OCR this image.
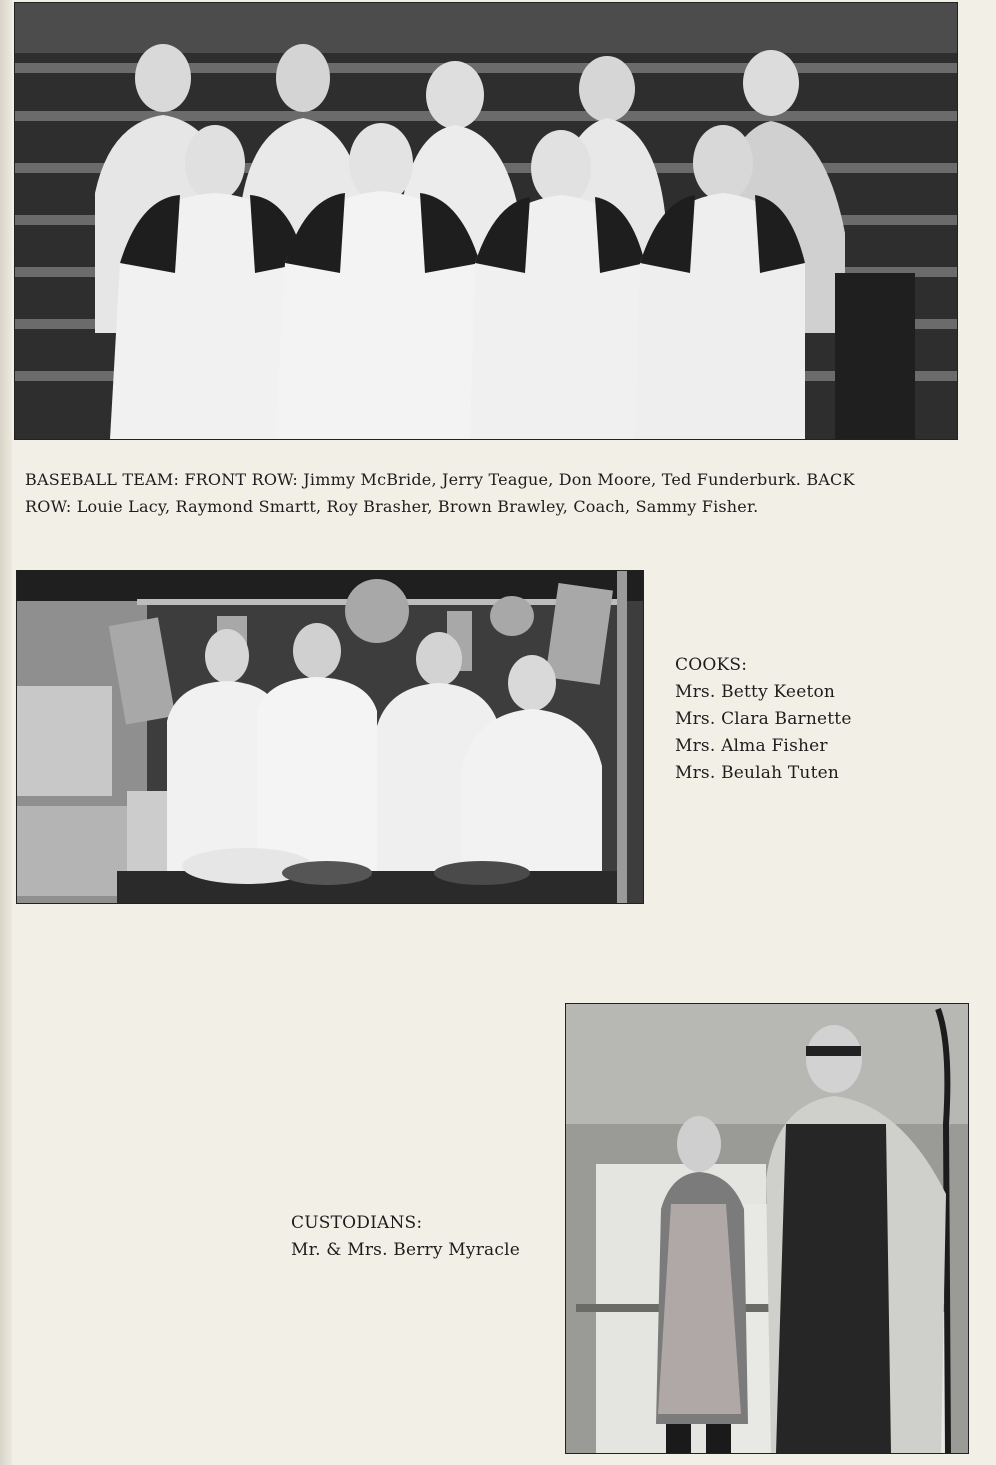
BASEBALL TEAM: FRONT ROW: Jimmy McBride, Jerry Teague, Don Moore, Ted Funderburk. BACK
ROW: Louie Lacy, Raymond Smartt, Roy Brasher, Brown Brawley, Coach, Sammy Fisher.
COOKS:
Mrs. Betty Keeton
Mrs. Clara Barnette
Mrs. Alma Fisher
Mrs. Beulah Tuten
CUSTODIANS:
Mr. & Mrs. Berry Myracle
